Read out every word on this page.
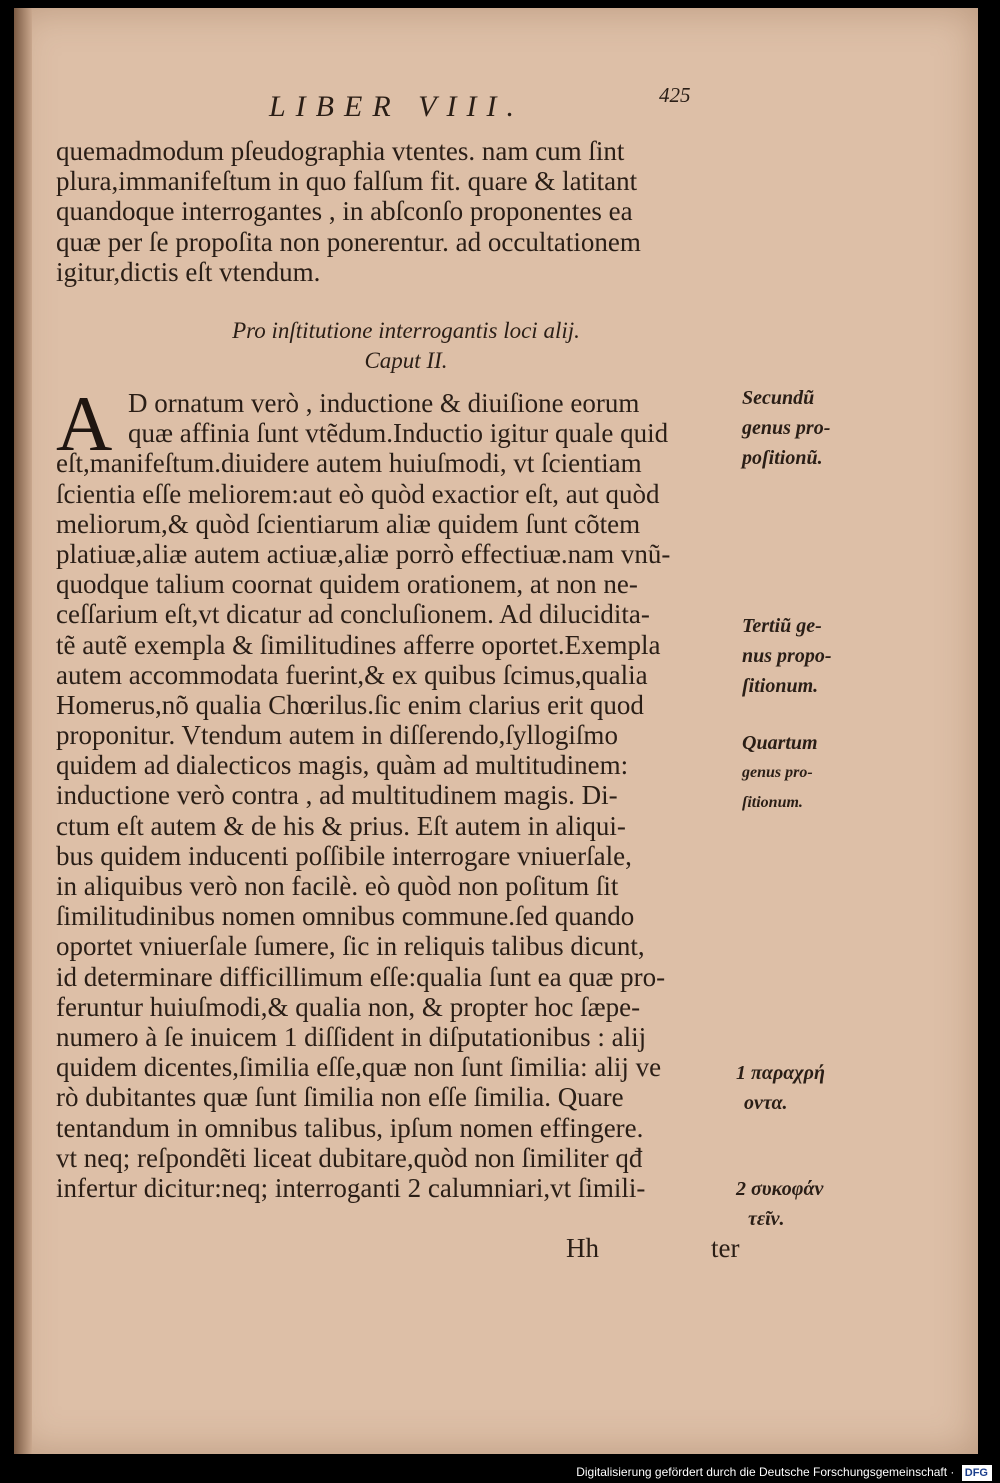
LIBER VIII.	425
quemadmodum pſeudographia vtentes. nam cum ſint
plura,immanifeſtum in quo falſum fit. quare & latitant
quandoque interrogantes , in abſconſo proponentes ea
quæ per ſe propoſita non ponerentur. ad occultationem
igitur,dictis eſt vtendum.
Pro inſtitutione interrogantis loci alij.
Caput II.
A D ornatum verò , inductione & diuiſione eorum
quæ affinia ſunt vtẽdum.Inductio igitur quale quid
eſt,manifeſtum.diuidere autem huiuſmodi, vt ſcientiam
ſcientia eſſe meliorem:aut eò quòd exactior eſt, aut quòd
meliorum,& quòd ſcientiarum aliæ quidem ſunt cõtem
platiuæ,aliæ autem actiuæ,aliæ porrò effectiuæ.nam vnũ-
quodque talium coornat quidem orationem, at non ne-
ceſſarium eſt,vt dicatur ad concluſionem. Ad dilucidita-
tẽ autẽ exempla & ſimilitudines afferre oportet.Exempla
autem accommodata fuerint,& ex quibus ſcimus,qualia
Homerus,nõ qualia Chœrilus.ſic enim clarius erit quod
proponitur. Vtendum autem in diſſerendo,ſyllogiſmo
quidem ad dialecticos magis, quàm ad multitudinem:
inductione verò contra , ad multitudinem magis. Di-
ctum eſt autem & de his & prius. Eſt autem in aliqui-
bus quidem inducenti poſſibile interrogare vniuerſale,
in aliquibus verò non facilè. eò quòd non poſitum ſit
ſimilitudinibus nomen omnibus commune.ſed quando
oportet vniuerſale ſumere, ſic in reliquis talibus dicunt,
id determinare difficillimum eſſe:qualia ſunt ea quæ pro-
feruntur huiuſmodi,& qualia non, & propter hoc ſæpe-
numero à ſe inuicem 1 diſſident in diſputationibus : alij
quidem dicentes,ſimilia eſſe,quæ non ſunt ſimilia: alij ve
rò dubitantes quæ ſunt ſimilia non eſſe ſimilia. Quare
tentandum in omnibus talibus, ipſum nomen effingere.
vt neq; reſpondẽti liceat dubitare,quòd non ſimiliter qđ
infertur dicitur:neq; interroganti 2 calumniari,vt ſimili-
Hh	ter
Secundũ
genus pro-
poſitionũ.
Tertiũ ge-
nus propo-
ſitionum.
Quartum
genus pro-
ſitionum.
1 παραχρή
οντα.
2 συκοφάν
τεῖν.
Digitalisierung gefördert durch die Deutsche Forschungsgemeinschaft · DFG
